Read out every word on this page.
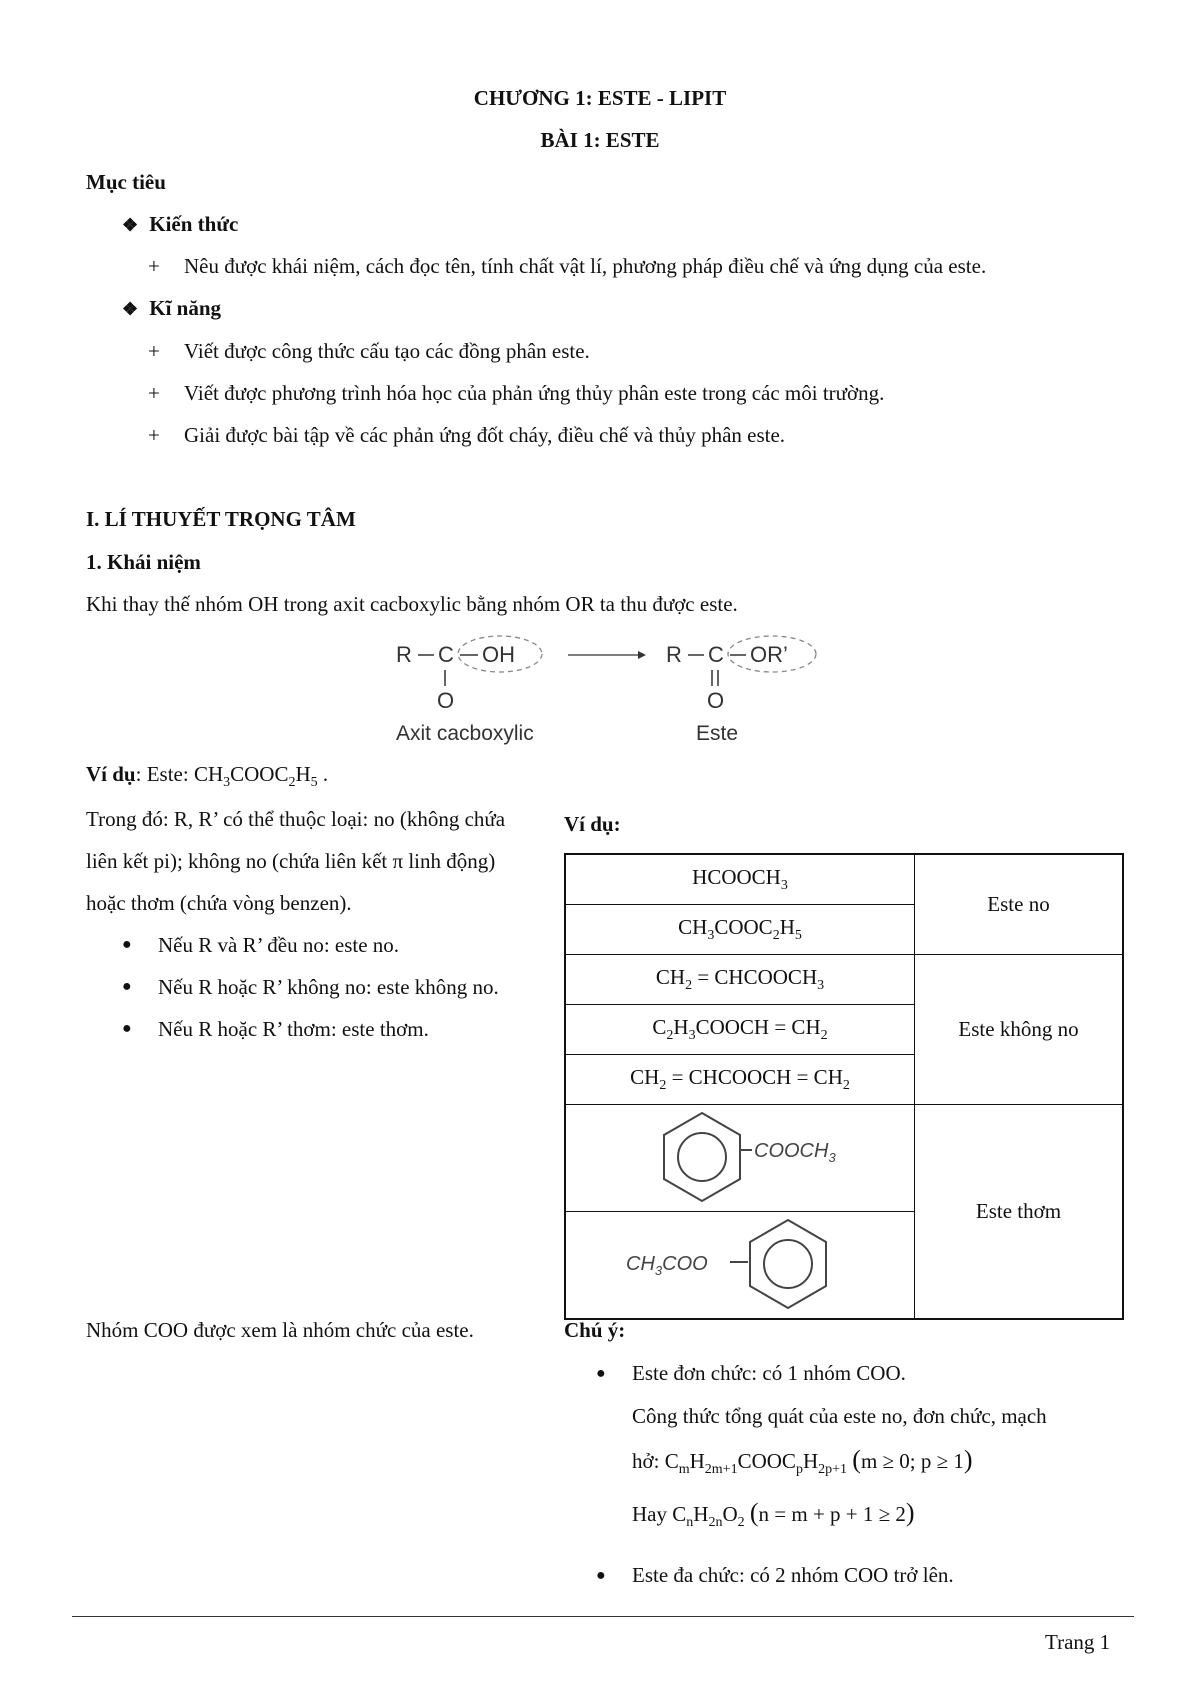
CHƯƠNG 1: ESTE - LIPIT
BÀI 1: ESTE
Mục tiêu
❖ Kiến thức
+ Nêu được khái niệm, cách đọc tên, tính chất vật lí, phương pháp điều chế và ứng dụng của este.
❖ Kĩ năng
+ Viết được công thức cấu tạo các đồng phân este.
+ Viết được phương trình hóa học của phản ứng thủy phân este trong các môi trường.
+ Giải được bài tập về các phản ứng đốt cháy, điều chế và thủy phân este.
I. LÍ THUYẾT TRỌNG TÂM
1. Khái niệm
Khi thay thế nhóm OH trong axit cacboxylic bằng nhóm OR ta thu được este.
R C OH
O
Axit cacboxylic
R C OR’
O
Este
Ví dụ: Este: $CH_3COOC_2H_5$ .
Trong đó: R, R’ có thể thuộc loại: no (không chứa liên kết pi); không no (chứa liên kết π linh động) hoặc thơm (chứa vòng benzen).
●	Nếu R và R’ đều no: este no.
●	Nếu R hoặc R’ không no: este không no.
●	Nếu R hoặc R’ thơm: este thơm.
Nhóm COO được xem là nhóm chức của este.
Ví dụ:
$HCOOCH_3$	Este no
$CH_3COOC_2H_5$
$CH_2$ = $CHCOOCH_3$	Este không no
$C_2H_3COOCH = CH_2$
$CH_2$ = CHCOOCH = $CH_2$

$COOCH_3$	Este thơm

$CH_3COO$	
Chú ý:
●	Este đơn chức: có 1 nhóm COO.
Công thức tổng quát của este no, đơn chức, mạch
hở: $C_mH_{2m+1}COOC_pH_{2p+1}$ (m ≥ 0; p ≥ 1)
Hay $C_nH_{2n}O_2$ (n = m + p + 1 ≥ 2)
●	Este đa chức: có 2 nhóm COO trở lên.
Trang 1
